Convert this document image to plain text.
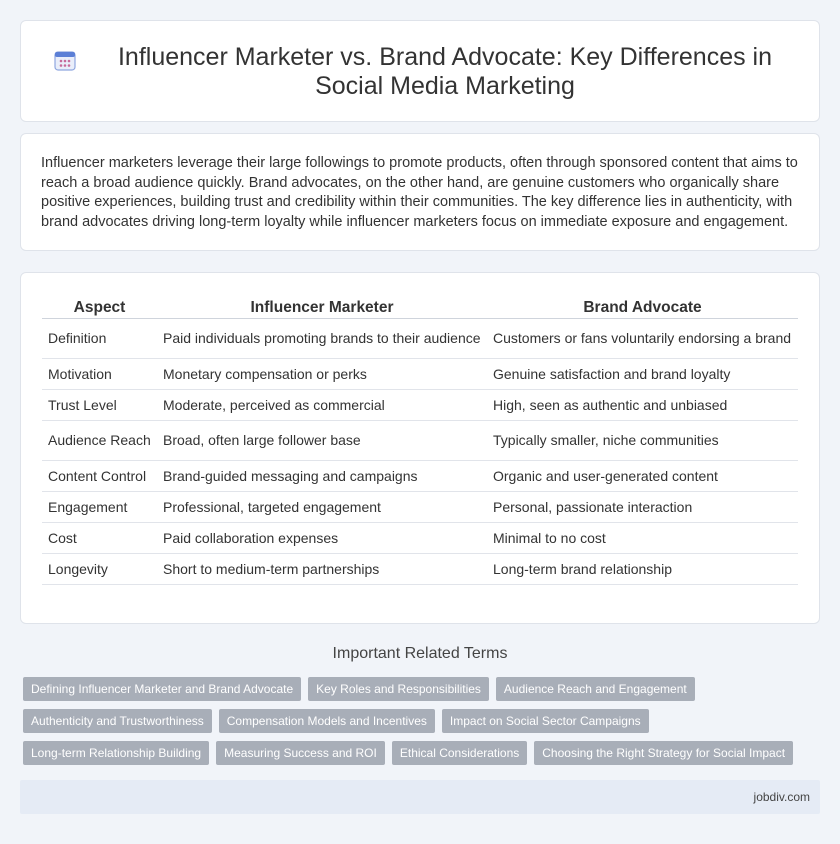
Influencer Marketer vs. Brand Advocate: Key Differences in Social Media Marketing

Influencer marketers leverage their large followings to promote products, often through sponsored content that aims to reach a broad audience quickly. Brand advocates, on the other hand, are genuine customers who organically share positive experiences, building trust and credibility within their communities. The key difference lies in authenticity, with brand advocates driving long-term loyalty while influencer marketers focus on immediate exposure and engagement.

Aspect	Influencer Marketer	Brand Advocate
Definition	Paid individuals promoting brands to their audience	Customers or fans voluntarily endorsing a brand
Motivation	Monetary compensation or perks	Genuine satisfaction and brand loyalty
Trust Level	Moderate, perceived as commercial	High, seen as authentic and unbiased
Audience Reach	Broad, often large follower base	Typically smaller, niche communities
Content Control	Brand-guided messaging and campaigns	Organic and user-generated content
Engagement	Professional, targeted engagement	Personal, passionate interaction
Cost	Paid collaboration expenses	Minimal to no cost
Longevity	Short to medium-term partnerships	Long-term brand relationship
Important Related Terms
Defining Influencer Marketer and Brand Advocate	Key Roles and Responsibilities	Audience Reach and Engagement
Authenticity and Trustworthiness	Compensation Models and Incentives	Impact on Social Sector Campaigns
Long-term Relationship Building	Measuring Success and ROI	Ethical Considerations	Choosing the Right Strategy for Social Impact
jobdiv.com
